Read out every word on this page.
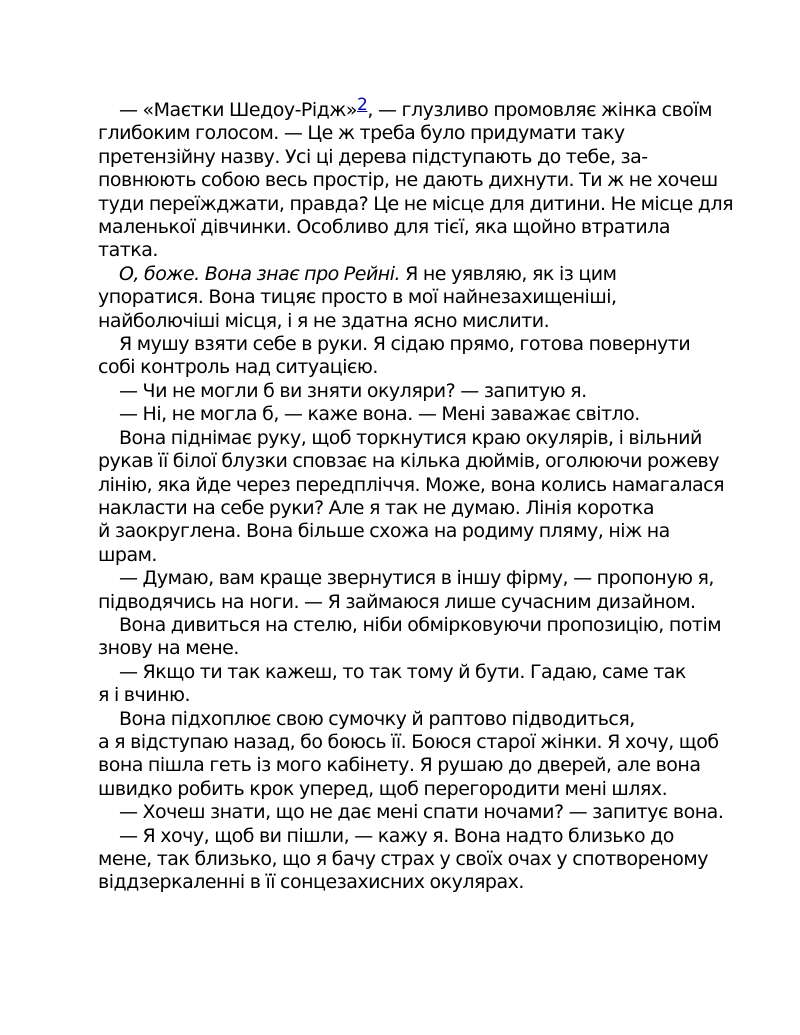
— «Маєтки Шедоу-Рідж»2, — глузливо промовляє жінка своїм
глибоким голосом. — Це ж треба було придумати таку
претензійну назву. Усі ці дерева підступають до тебе, за-
повнюють собою весь простір, не дають дихнути. Ти ж не хочеш
туди переїжджати, правда? Це не місце для дитини. Не місце для
маленької дівчинки. Особливо для тієї, яка щойно втратила
татка.
О, боже. Вона знає про Рейні. Я не уявляю, як із цим
упоратися. Вона тицяє просто в мої найнезахищеніші,
найболючіші місця, і я не здатна ясно мислити.
Я мушу взяти себе в руки. Я сідаю прямо, готова повернути
собі контроль над ситуацією.
— Чи не могли б ви зняти окуляри? — запитую я.
— Ні, не могла б, — каже вона. — Мені заважає світло.
Вона піднімає руку, щоб торкнутися краю окулярів, і вільний
рукав її білої блузки сповзає на кілька дюймів, оголюючи рожеву
лінію, яка йде через передпліччя. Може, вона колись намагалася
накласти на себе руки? Але я так не думаю. Лінія коротка
й заокруглена. Вона більше схожа на родиму пляму, ніж на
шрам.
— Думаю, вам краще звернутися в іншу фірму, — пропоную я,
підводячись на ноги. — Я займаюся лише сучасним дизайном.
Вона дивиться на стелю, ніби обмірковуючи пропозицію, потім
знову на мене.
— Якщо ти так кажеш, то так тому й бути. Гадаю, саме так
я і вчиню.
Вона підхоплює свою сумочку й раптово підводиться,
а я відступаю назад, бо боюсь її. Боюся старої жінки. Я хочу, щоб
вона пішла геть із мого кабінету. Я рушаю до дверей, але вона
швидко робить крок уперед, щоб перегородити мені шлях.
— Хочеш знати, що не дає мені спати ночами? — запитує вона.
— Я хочу, щоб ви пішли, — кажу я. Вона надто близько до
мене, так близько, що я бачу страх у своїх очах у спотвореному
віддзеркаленні в її сонцезахисних окулярах.
